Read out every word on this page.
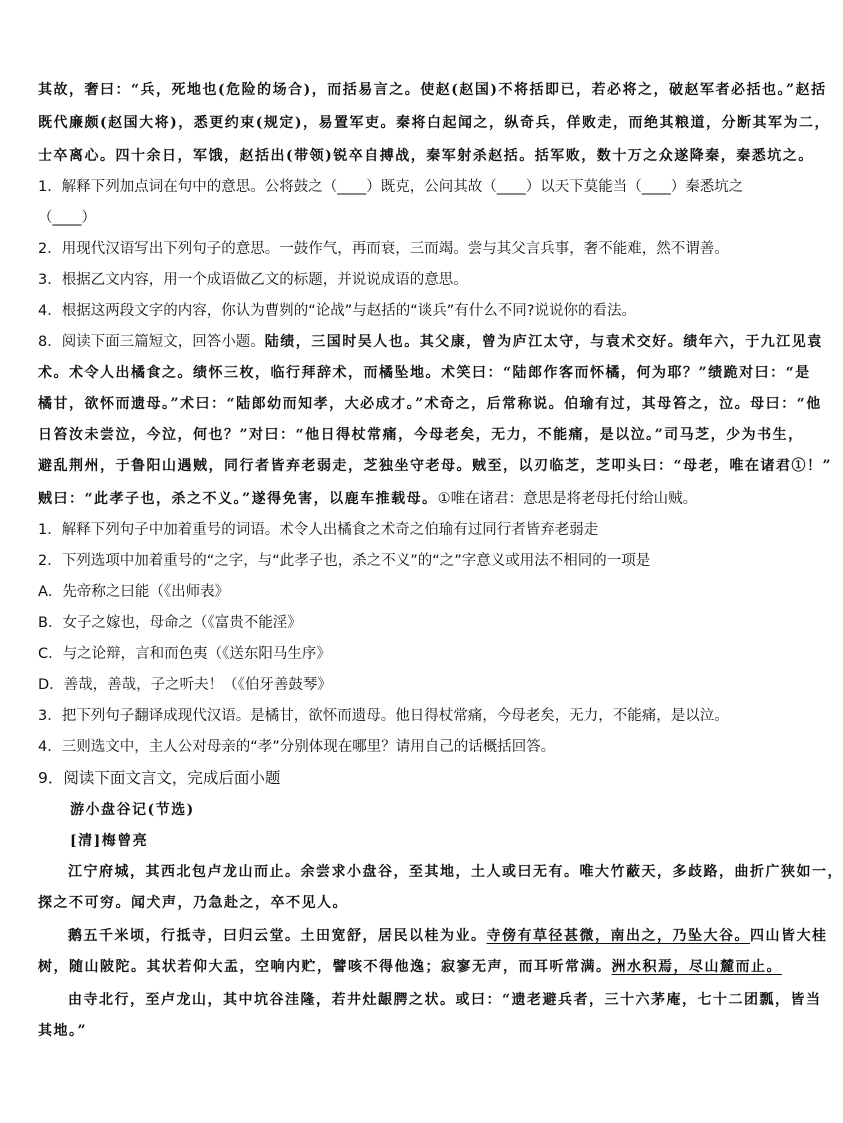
其故，奢曰：“兵，死地也(危险的场合)，而括易言之。使赵(赵国)不将括即已，若必将之，破赵军者必括也。”赵括

既代廉颇(赵国大将)，悉更约束(规定)，易置军吏。秦将白起闻之，纵奇兵，佯败走，而绝其粮道，分断其军为二，

士卒离心。四十余日，军饿，赵括出(带领)锐卒自搏战，秦军射杀赵括。括军败，数十万之众遂降秦，秦悉坑之。

1．解释下列加点词在句中的意思。公将鼓之（____）既克，公问其故（____）以天下莫能当（____）秦悉坑之

（____）

2．用现代汉语写出下列句子的意思。一鼓作气，再而衰，三而竭。尝与其父言兵事，奢不能难，然不谓善。

3．根据乙文内容，用一个成语做乙文的标题，并说说成语的意思。

4．根据这两段文字的内容，你认为曹刿的“论战”与赵括的“谈兵”有什么不同?说说你的看法。

8．阅读下面三篇短文，回答小题。陆绩，三国时吴人也。其父康，曾为庐江太守，与袁术交好。绩年六，于九江见袁

术。术令人出橘食之。绩怀三枚，临行拜辞术，而橘坠地。术笑曰：“陆郎作客而怀橘，何为耶？”绩跪对曰：“是

橘甘，欲怀而遗母。”术曰：“陆郎幼而知孝，大必成才。”术奇之，后常称说。伯瑜有过，其母笞之，泣。母曰：“他

日笞汝未尝泣，今泣，何也？”对曰：“他日得杖常痛，今母老矣，无力，不能痛，是以泣。”司马芝，少为书生，

避乱荆州，于鲁阳山遇贼，同行者皆弃老弱走，芝独坐守老母。贼至，以刃临芝，芝叩头曰：“母老，唯在诸君①！”

贼曰：“此孝子也，杀之不义。”遂得免害，以鹿车推载母。①唯在诸君：意思是将老母托付给山贼。

1．解释下列句子中加着重号的词语。术令人出橘食之术奇之伯瑜有过同行者皆弃老弱走

2．下列选项中加着重号的“之字，与“此孝子也，杀之不义”的“之”字意义或用法不相同的一项是

A．先帝称之曰能（《出师表》

B．女子之嫁也，母命之（《富贵不能淫》

C．与之论辩，言和而色夷（《送东阳马生序》

D．善哉，善哉，子之听夫！（《伯牙善鼓琴》

3．把下列句子翻译成现代汉语。是橘甘，欲怀而遗母。他日得杖常痛，今母老矣，无力，不能痛，是以泣。

4．三则选文中，主人公对母亲的“孝”分别体现在哪里？请用自己的话概括回答。

9．阅读下面文言文，完成后面小题

游小盘谷记(节选)

[清]梅曾亮

江宁府城，其西北包卢龙山而止。余尝求小盘谷，至其地，土人或曰无有。唯大竹蔽天，多歧路，曲折广狭如一，

探之不可穷。闻犬声，乃急赴之，卒不见人。

鹅五千米顷，行抵寺，曰归云堂。土田宽舒，居民以桂为业。寺傍有草径甚微，南出之，乃坠大谷。四山皆大桂

树，随山陂陀。其状若仰大盂，空响内贮，譬咳不得他逸；寂寥无声，而耳听常满。洲水积焉，尽山麓而止。

由寺北行，至卢龙山，其中坑谷洼隆，若井灶龈腭之状。或曰：“遗老避兵者，三十六茅庵，七十二团瓢，皆当

其地。”
